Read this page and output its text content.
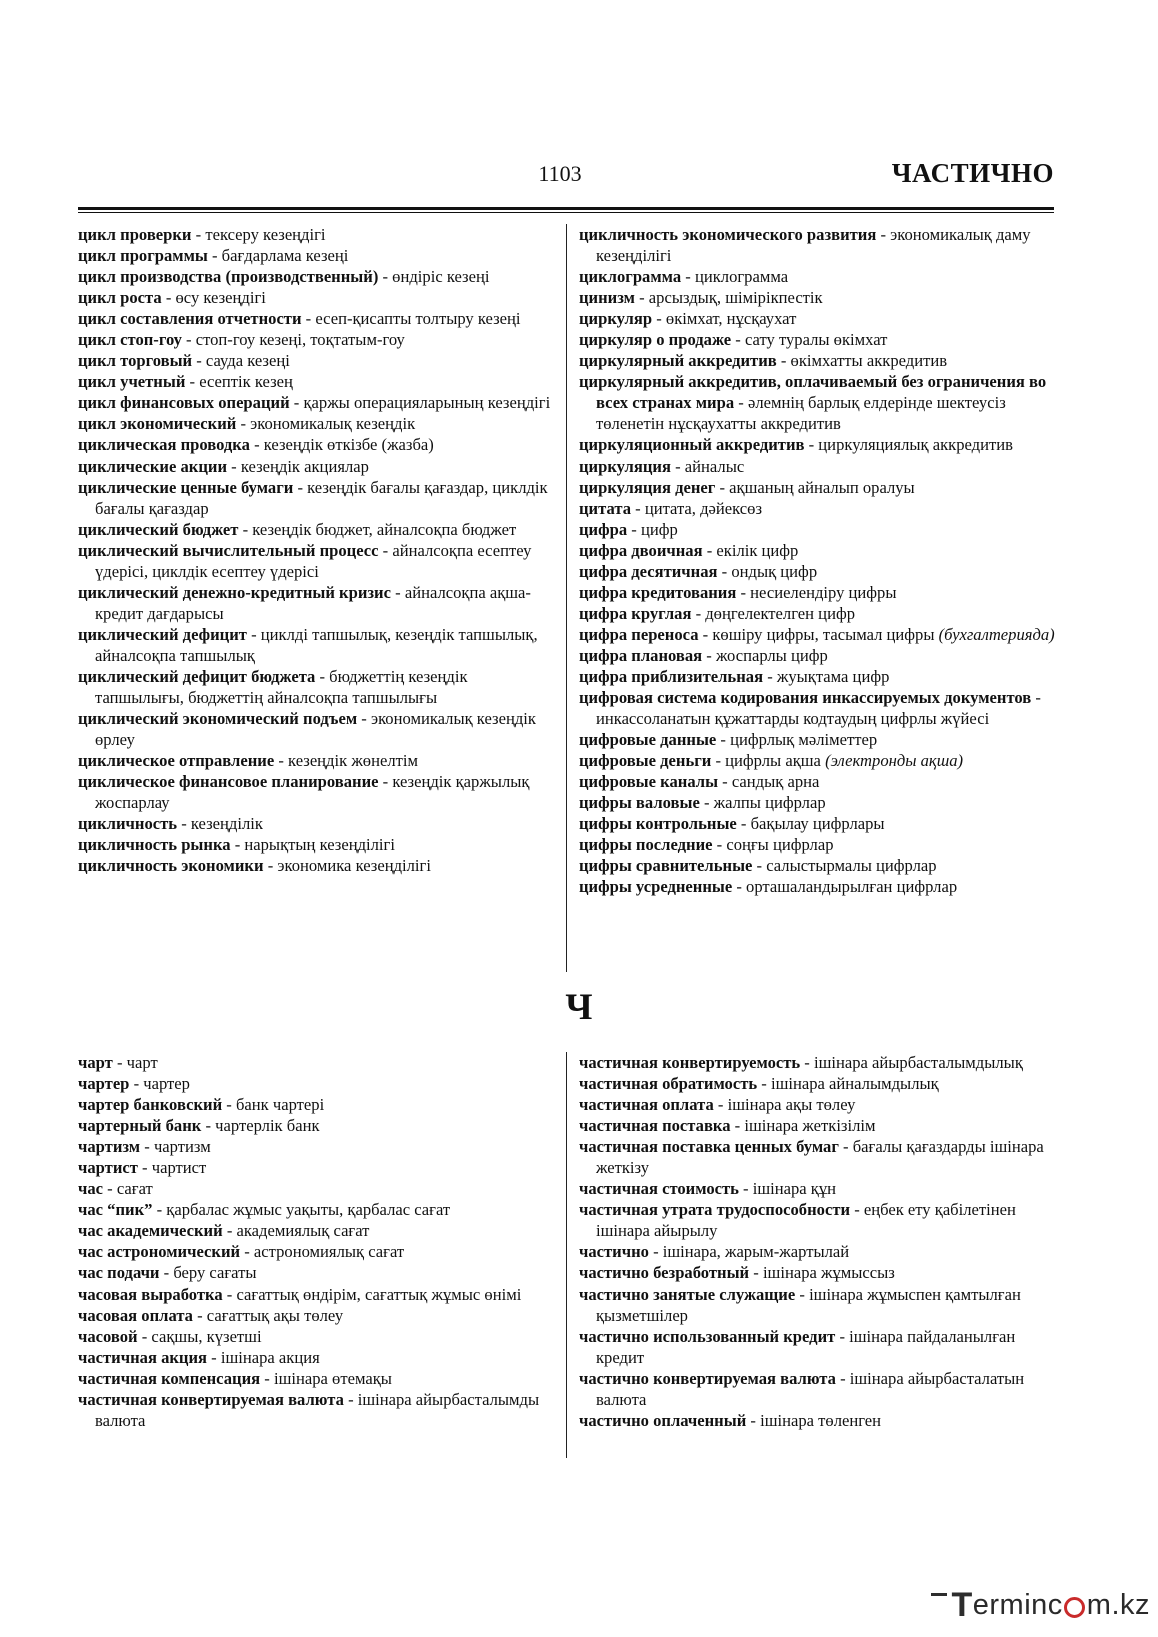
1103	ЧАСТИЧНО

цикл проверки - тексеру кезеңдігі

цикл программы - бағдарлама кезеңі

цикл производства (производственный) - өндіріс кезеңі

цикл роста - өсу кезеңдігі

цикл составления отчетности - есеп-қисапты толтыру кезеңі

цикл стоп-гоу - стоп-гоу кезеңі, тоқтатым-гоу

цикл торговый - сауда кезеңі

цикл учетный - есептік кезең

цикл финансовых операций - қаржы операцияларының кезеңдігі

цикл экономический - экономикалық кезеңдік

циклическая проводка - кезеңдік өткізбе (жазба)

циклические акции - кезеңдік акциялар

циклические ценные бумаги - кезеңдік бағалы қағаздар, циклдік бағалы қағаздар

циклический бюджет - кезеңдік бюджет, айналсоқпа бюджет

циклический вычислительный процесс - айналсоқпа есептеу үдерісі, циклдік есептеу үдерісі

циклический денежно-кредитный кризис - айналсоқпа ақша-кредит дағдарысы

циклический дефицит - циклді тапшылық, кезеңдік тапшылық, айналсоқпа тапшылық

циклический дефицит бюджета - бюджеттің кезеңдік тапшылығы, бюджеттің айналсоқпа тапшылығы

циклический экономический подъем - экономикалық кезеңдік өрлеу

циклическое отправление - кезеңдік жөнелтім

циклическое финансовое планирование - кезеңдік қаржылық жоспарлау

цикличность - кезеңділік

цикличность рынка - нарықтың кезеңділігі

цикличность экономики - экономика кезеңділігі

цикличность экономического развития - экономикалық даму кезеңділігі

циклограмма - циклограмма

цинизм - арсыздық, шімірікпестік

циркуляр - өкімхат, нұсқаухат

циркуляр о продаже - сату туралы өкімхат

циркулярный аккредитив - өкімхатты аккредитив

циркулярный аккредитив, оплачиваемый без ограничения во всех странах мира - әлемнің барлық елдерінде шектеусіз төленетін нұсқаухатты аккредитив

циркуляционный аккредитив - циркуляциялық аккредитив

циркуляция - айналыс

циркуляция денег - ақшаның айналып оралуы

цитата - цитата, дәйексөз

цифра - цифр

цифра двоичная - екілік цифр

цифра десятичная - ондық цифр

цифра кредитования - несиелендіру цифры

цифра круглая - дөңгелектелген цифр

цифра переноса - көшіру цифры, тасымал цифры (бухгалтерияда)

цифра плановая - жоспарлы цифр

цифра приблизительная - жуықтама цифр

цифровая система кодирования инкассируемых документов - инкассоланатын құжаттарды кодтаудың цифрлы жүйесі

цифровые данные - цифрлық мәліметтер

цифровые деньги - цифрлы ақша (электронды ақша)

цифровые каналы - сандық арна

цифры валовые - жалпы цифрлар

цифры контрольные - бақылау цифрлары

цифры последние - соңғы цифрлар

цифры сравнительные - салыстырмалы цифрлар

цифры усредненные - орташаландырылған цифрлар

Ч

чарт - чарт

чартер - чартер

чартер банковский - банк чартері

чартерный банк - чартерлік банк

чартизм - чартизм

чартист - чартист

час - сағат

час “пик” - қарбалас жұмыс уақыты, қарбалас сағат

час академический - академиялық сағат

час астрономический - астрономиялық сағат

час подачи - беру сағаты

часовая выработка - сағаттық өндірім, сағаттық жұмыс өнімі

часовая оплата - сағаттық ақы төлеу

часовой - сақшы, күзетші

частичная акция - ішінара акция

частичная компенсация - ішінара өтемақы

частичная конвертируемая валюта - ішінара айырбасталымды валюта

частичная конвертируемость - ішінара айырбасталымдылық

частичная обратимость - ішінара айналымдылық

частичная оплата - ішінара ақы төлеу

частичная поставка - ішінара жеткізілім

частичная поставка ценных бумаг - бағалы қағаздарды ішінара жеткізу

частичная стоимость - ішінара құн

частичная утрата трудоспособности - еңбек ету қабілетінен ішінара айырылу

частично - ішінара, жарым-жартылай

частично безработный - ішінара жұмыссыз

частично занятые служащие - ішінара жұмыспен қамтылған қызметшілер

частично использованный кредит - ішінара пайдаланылған кредит

частично конвертируемая валюта - ішінара айырбасталатын валюта

частично оплаченный - ішінара төленген

T ermin c m.kz
